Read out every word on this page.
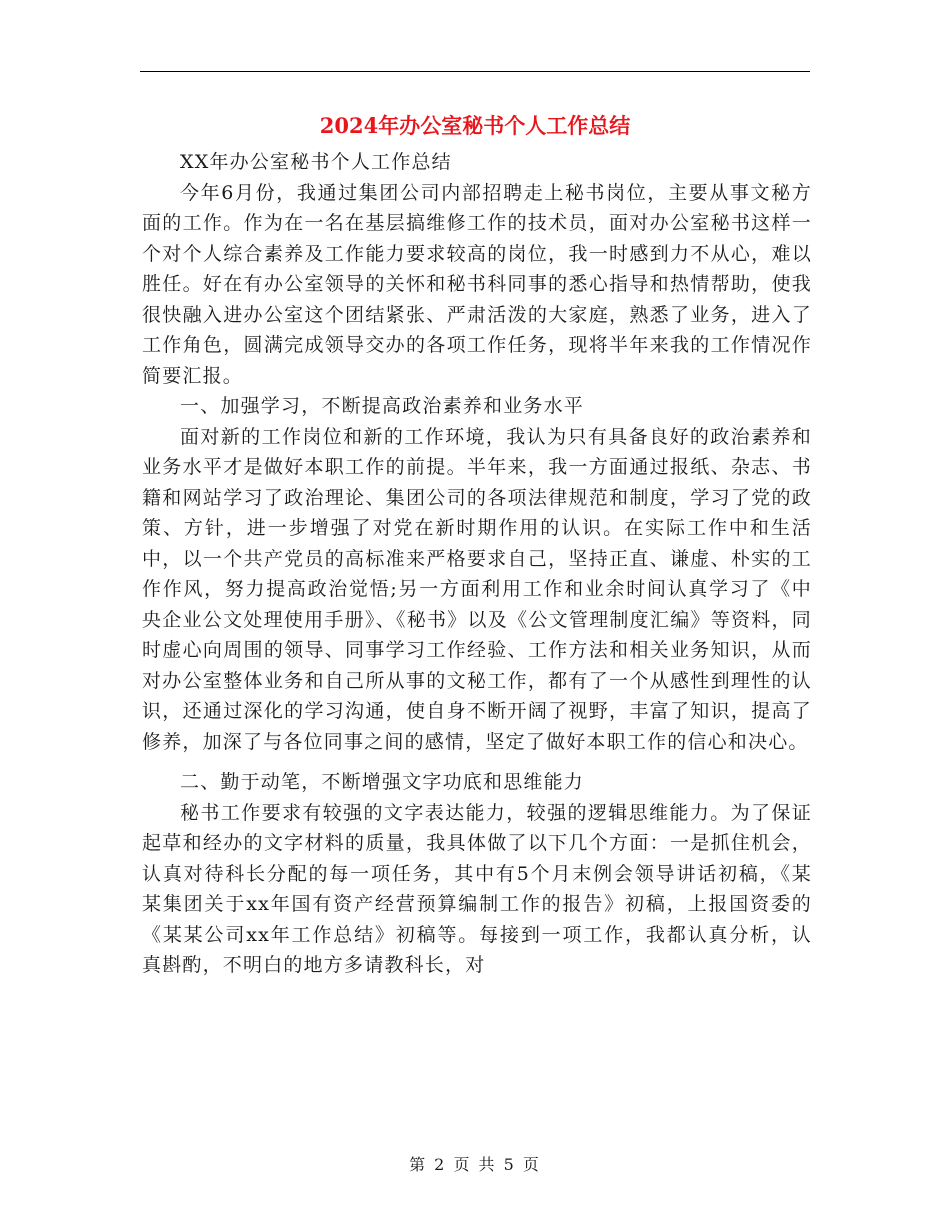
2024年办公室秘书个人工作总结

XX年办公室秘书个人工作总结

今年6月份，我通过集团公司内部招聘走上秘书岗位，主要从事文秘方面的工作。作为在一名在基层搞维修工作的技术员，面对办公室秘书这样一个对个人综合素养及工作能力要求较高的岗位，我一时感到力不从心，难以胜任。好在有办公室领导的关怀和秘书科同事的悉心指导和热情帮助，使我很快融入进办公室这个团结紧张、严肃活泼的大家庭，熟悉了业务，进入了工作角色，圆满完成领导交办的各项工作任务，现将半年来我的工作情况作简要汇报。

一、加强学习，不断提高政治素养和业务水平

面对新的工作岗位和新的工作环境，我认为只有具备良好的政治素养和业务水平才是做好本职工作的前提。半年来，我一方面通过报纸、杂志、书籍和网站学习了政治理论、集团公司的各项法律规范和制度，学习了党的政策、方针，进一步增强了对党在新时期作用的认识。在实际工作中和生活中，以一个共产党员的高标准来严格要求自己，坚持正直、谦虚、朴实的工作作风，努力提高政治觉悟;另一方面利用工作和业余时间认真学习了《中央企业公文处理使用手册》、《秘书》以及《公文管理制度汇编》等资料，同时虚心向周围的领导、同事学习工作经验、工作方法和相关业务知识，从而对办公室整体业务和自己所从事的文秘工作，都有了一个从感性到理性的认识，还通过深化的学习沟通，使自身不断开阔了视野，丰富了知识，提高了修养，加深了与各位同事之间的感情，坚定了做好本职工作的信心和决心。

二、勤于动笔，不断增强文字功底和思维能力

秘书工作要求有较强的文字表达能力，较强的逻辑思维能力。为了保证起草和经办的文字材料的质量，我具体做了以下几个方面：一是抓住机会，认真对待科长分配的每一项任务，其中有5个月末例会领导讲话初稿，《某某集团关于xx年国有资产经营预算编制工作的报告》初稿，上报国资委的《某某公司xx年工作总结》初稿等。每接到一项工作，我都认真分析，认真斟酌，不明白的地方多请教科长，对

第 2 页 共 5 页
